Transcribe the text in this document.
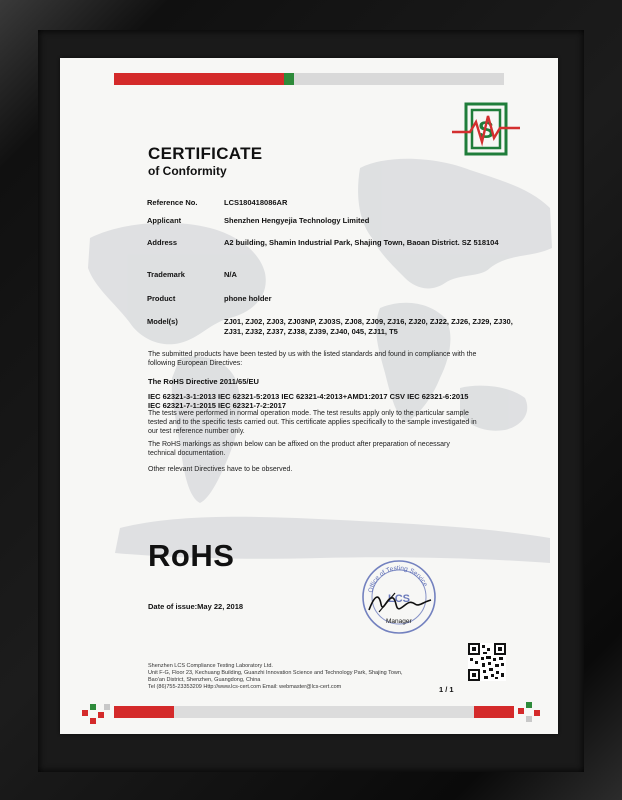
S
CERTIFICATE
of Conformity
Reference No.	LCS180418086AR
Applicant	Shenzhen Hengyejia Technology Limited
Address	A2 building, Shamin Industrial Park, Shajing Town, Baoan District. SZ 518104
Trademark	N/A
Product	phone holder
Model(s)	ZJ01, ZJ02, ZJ03, ZJ03NP, ZJ03S, ZJ08, ZJ09, ZJ16, ZJ20, ZJ22, ZJ26, ZJ29, ZJ30, ZJ31, ZJ32, ZJ37, ZJ38, ZJ39, ZJ40, 045, ZJ11, T5
The submitted products have been tested by us with the listed standards and found in compliance with the following European Directives:
The RoHS Directive 2011/65/EU
IEC 62321-3-1:2013 IEC 62321-5:2013 IEC 62321-4:2013+AMD1:2017 CSV IEC 62321-6:2015 IEC 62321-7-1:2015 IEC 62321-7-2:2017
The tests were performed in normal operation mode. The test results apply only to the particular sample tested and to the specific tests carried out. This certificate applies specifically to the sample investigated in our test reference number only.
The RoHS markings as shown below can be affixed on the product after preparation of necessary technical documentation.
Other relevant Directives have to be observed.
RoHS
Date of issue:May 22, 2018
Office of Testing Service
LCS
Manager
Shenzhen LCS Compliance Testing Laboratory Ltd.
Unit F-G, Floor 23, Kechuang Building, Guanzhi Innovation Science and Technology Park, Shajing Town,
Bao'an District, Shenzhen, Guangdong, China
Tel (86)755-23353209 Http://www.lcs-cert.com Email: webmaster@lcs-cert.com	1 / 1
